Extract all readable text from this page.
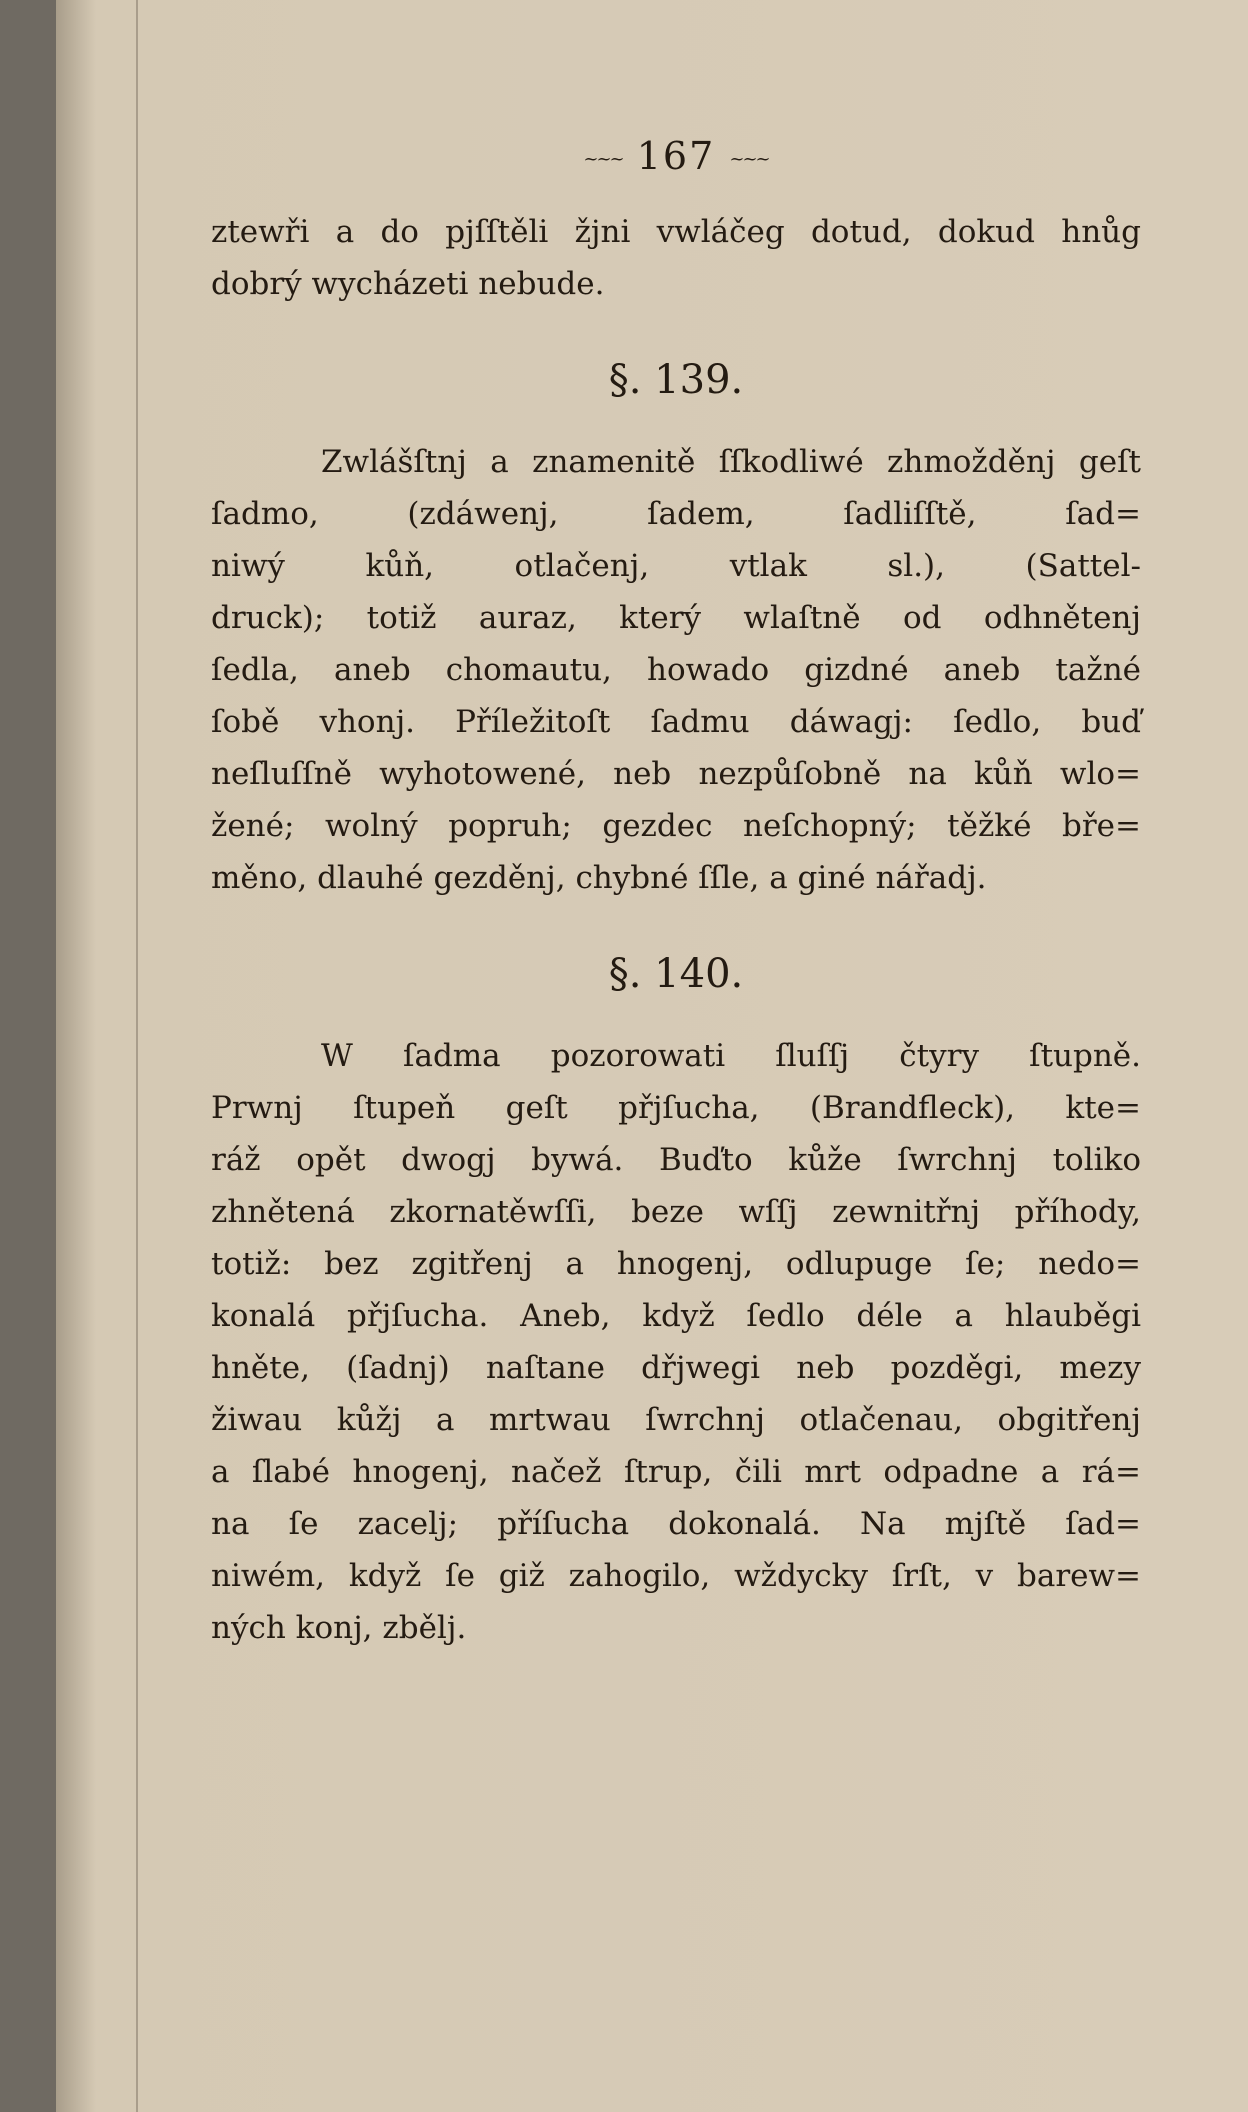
~~~ 167 ~~~
ztewři a do pjſſtěli žjni vwláčeg dotud, dokud hnůg
dobrý wycházeti nebude.
§. 139.
Zwlášſtnj a znamenitě ſſkodliwé zhmožděnj geſt
ſadmo, (zdáwenj, ſadem, ſadliſſtě, ſad=
niwý kůň, otlačenj, vtlak sl.), (Sattel-
druck); totiž auraz, který wlaſtně od odhnětenj
ſedla, aneb chomautu, howado gizdné aneb tažné
ſobě vhonj. Příležitoſt ſadmu dáwagj: ſedlo, buď
neſluſſně wyhotowené, neb nezpůſobně na kůň wlo=
žené; wolný popruh; gezdec neſchopný; těžké bře=
měno, dlauhé gezděnj, chybné ſſle, a giné nářadj.
§. 140.
W ſadma pozorowati ſluſſj čtyry ſtupně.
Prwnj ſtupeň geſt přjſucha, (Brandfleck), kte=
ráž opět dwogj bywá. Buďto kůže ſwrchnj toliko
zhnětená zkornatěwſſi, beze wſſj zewnitřnj příhody,
totiž: bez zgitřenj a hnogenj, odlupuge ſe; nedo=
konalá přjſucha. Aneb, když ſedlo déle a hlauběgi
hněte, (ſadnj) naſtane dřjwegi neb pozděgi, mezy
žiwau kůžj a mrtwau ſwrchnj otlačenau, obgitřenj
a ſlabé hnogenj, načež ſtrup, čili mrt odpadne a rá=
na ſe zacelj; příſucha dokonalá. Na mjſtě ſad=
niwém, když ſe giž zahogilo, wždycky ſrſt, v barew=
ných konj, zbělj.
